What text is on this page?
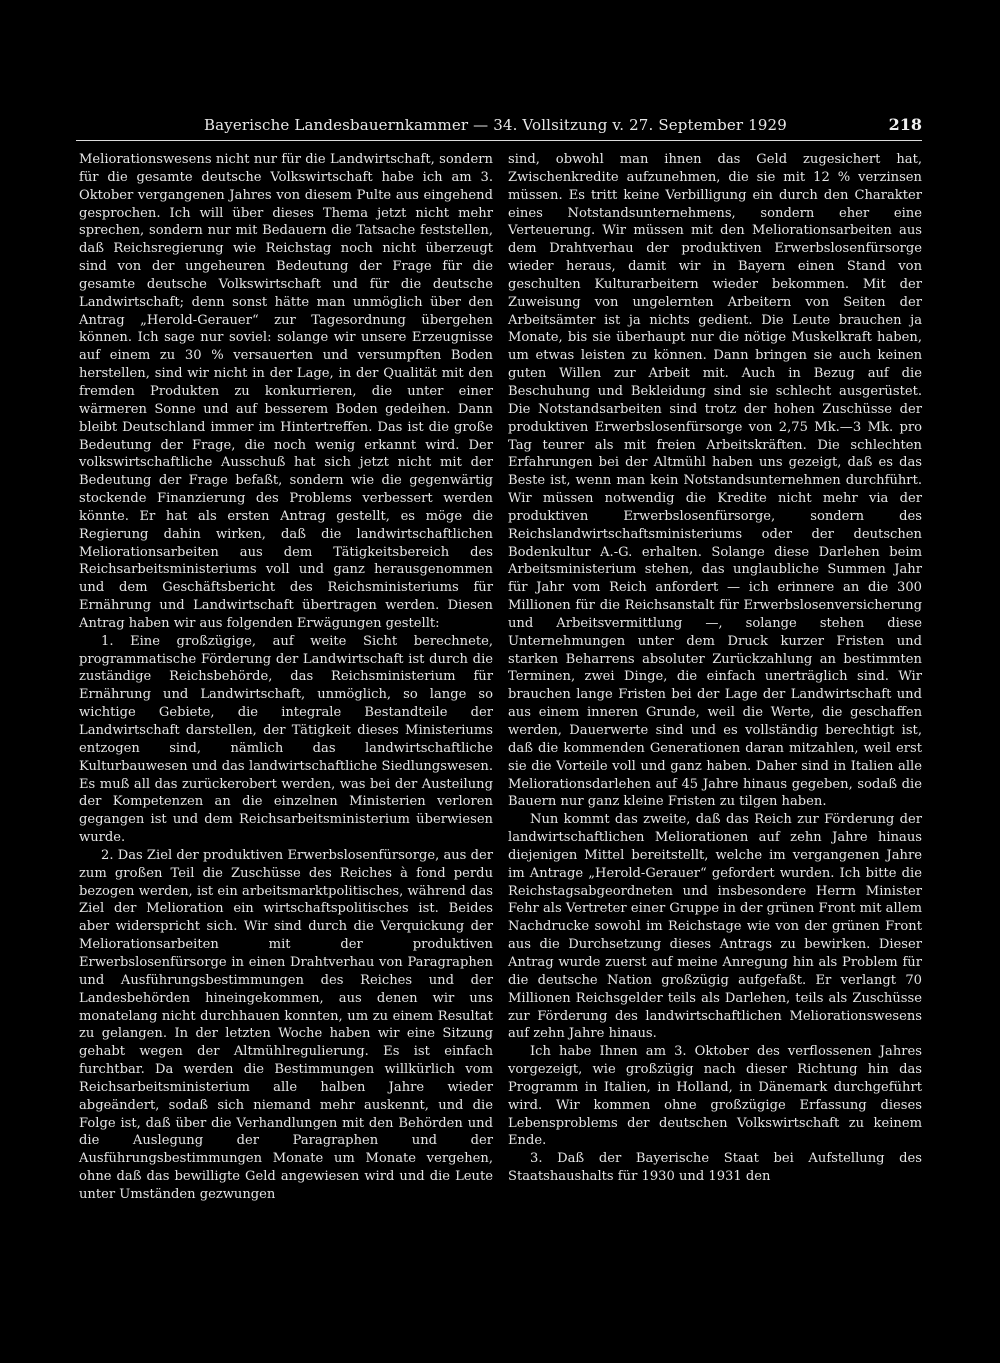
Bayerische Landesbauernkammer — 34. Vollsitzung v. 27. September 1929	218

Meliorationswesens nicht nur für die Landwirtschaft, sondern für die gesamte deutsche Volkswirtschaft habe ich am 3. Oktober vergangenen Jahres von diesem Pulte aus eingehend gesprochen. Ich will über dieses Thema jetzt nicht mehr sprechen, sondern nur mit Bedauern die Tatsache feststellen, daß Reichsregierung wie Reichstag noch nicht überzeugt sind von der ungeheuren Bedeutung der Frage für die gesamte deutsche Volkswirtschaft und für die deutsche Landwirtschaft; denn sonst hätte man unmöglich über den Antrag „Herold-Gerauer“ zur Tagesordnung übergehen können. Ich sage nur soviel: solange wir unsere Erzeugnisse auf einem zu 30 % versauerten und versumpften Boden herstellen, sind wir nicht in der Lage, in der Qualität mit den fremden Produkten zu konkurrieren, die unter einer wärmeren Sonne und auf besserem Boden gedeihen. Dann bleibt Deutschland immer im Hintertreffen. Das ist die große Bedeutung der Frage, die noch wenig erkannt wird. Der volkswirtschaftliche Ausschuß hat sich jetzt nicht mit der Bedeutung der Frage befaßt, sondern wie die gegenwärtig stockende Finanzierung des Problems verbessert werden könnte. Er hat als ersten Antrag gestellt, es möge die Regierung dahin wirken, daß die landwirtschaftlichen Meliorationsarbeiten aus dem Tätigkeitsbereich des Reichsarbeitsministeriums voll und ganz herausgenommen und dem Geschäftsbericht des Reichsministeriums für Ernährung und Landwirtschaft übertragen werden. Diesen Antrag haben wir aus folgenden Erwägungen gestellt:

1. Eine großzügige, auf weite Sicht berechnete, programmatische Förderung der Landwirtschaft ist durch die zuständige Reichsbehörde, das Reichsministerium für Ernährung und Landwirtschaft, unmöglich, so lange so wichtige Gebiete, die integrale Bestandteile der Landwirtschaft darstellen, der Tätigkeit dieses Ministeriums entzogen sind, nämlich das landwirtschaftliche Kulturbauwesen und das landwirtschaftliche Siedlungswesen. Es muß all das zurückerobert werden, was bei der Austeilung der Kompetenzen an die einzelnen Ministerien verloren gegangen ist und dem Reichsarbeitsministerium überwiesen wurde.

2. Das Ziel der produktiven Erwerbslosenfürsorge, aus der zum großen Teil die Zuschüsse des Reiches à fond perdu bezogen werden, ist ein arbeitsmarktpolitisches, während das Ziel der Melioration ein wirtschaftspolitisches ist. Beides aber widerspricht sich. Wir sind durch die Verquickung der Meliorationsarbeiten mit der produktiven Erwerbslosenfürsorge in einen Drahtverhau von Paragraphen und Ausführungsbestimmungen des Reiches und der Landesbehörden hineingekommen, aus denen wir uns monatelang nicht durchhauen konnten, um zu einem Resultat zu gelangen. In der letzten Woche haben wir eine Sitzung gehabt wegen der Altmühlregulierung. Es ist einfach furchtbar. Da werden die Bestimmungen willkürlich vom Reichsarbeitsministerium alle halben Jahre wieder abgeändert, sodaß sich niemand mehr auskennt, und die Folge ist, daß über die Verhandlungen mit den Behörden und die Auslegung der Paragraphen und der Ausführungsbestimmungen Monate um Monate vergehen, ohne daß das bewilligte Geld angewiesen wird und die Leute unter Umständen gezwungen

sind, obwohl man ihnen das Geld zugesichert hat, Zwischenkredite aufzunehmen, die sie mit 12 % verzinsen müssen. Es tritt keine Verbilligung ein durch den Charakter eines Notstandsunternehmens, sondern eher eine Verteuerung. Wir müssen mit den Meliorationsarbeiten aus dem Drahtverhau der produktiven Erwerbslosenfürsorge wieder heraus, damit wir in Bayern einen Stand von geschulten Kulturarbeitern wieder bekommen. Mit der Zuweisung von ungelernten Arbeitern von Seiten der Arbeitsämter ist ja nichts gedient. Die Leute brauchen ja Monate, bis sie überhaupt nur die nötige Muskelkraft haben, um etwas leisten zu können. Dann bringen sie auch keinen guten Willen zur Arbeit mit. Auch in Bezug auf die Beschuhung und Bekleidung sind sie schlecht ausgerüstet. Die Notstandsarbeiten sind trotz der hohen Zuschüsse der produktiven Erwerbslosenfürsorge von 2,75 Mk.—3 Mk. pro Tag teurer als mit freien Arbeitskräften. Die schlechten Erfahrungen bei der Altmühl haben uns gezeigt, daß es das Beste ist, wenn man kein Notstandsunternehmen durchführt. Wir müssen notwendig die Kredite nicht mehr via der produktiven Erwerbslosenfürsorge, sondern des Reichslandwirtschaftsministeriums oder der deutschen Bodenkultur A.-G. erhalten. Solange diese Darlehen beim Arbeitsministerium stehen, das unglaubliche Summen Jahr für Jahr vom Reich anfordert — ich erinnere an die 300 Millionen für die Reichsanstalt für Erwerbslosenversicherung und Arbeitsvermittlung —, solange stehen diese Unternehmungen unter dem Druck kurzer Fristen und starken Beharrens absoluter Zurückzahlung an bestimmten Terminen, zwei Dinge, die einfach unerträglich sind. Wir brauchen lange Fristen bei der Lage der Landwirtschaft und aus einem inneren Grunde, weil die Werte, die geschaffen werden, Dauerwerte sind und es vollständig berechtigt ist, daß die kommenden Generationen daran mitzahlen, weil erst sie die Vorteile voll und ganz haben. Daher sind in Italien alle Meliorationsdarlehen auf 45 Jahre hinaus gegeben, sodaß die Bauern nur ganz kleine Fristen zu tilgen haben.

Nun kommt das zweite, daß das Reich zur Förderung der landwirtschaftlichen Meliorationen auf zehn Jahre hinaus diejenigen Mittel bereitstellt, welche im vergangenen Jahre im Antrage „Herold-Gerauer“ gefordert wurden. Ich bitte die Reichstagsabgeordneten und insbesondere Herrn Minister Fehr als Vertreter einer Gruppe in der grünen Front mit allem Nachdrucke sowohl im Reichstage wie von der grünen Front aus die Durchsetzung dieses Antrags zu bewirken. Dieser Antrag wurde zuerst auf meine Anregung hin als Problem für die deutsche Nation großzügig aufgefaßt. Er verlangt 70 Millionen Reichsgelder teils als Darlehen, teils als Zuschüsse zur Förderung des landwirtschaftlichen Meliorationswesens auf zehn Jahre hinaus.

Ich habe Ihnen am 3. Oktober des verflossenen Jahres vorgezeigt, wie großzügig nach dieser Richtung hin das Programm in Italien, in Holland, in Dänemark durchgeführt wird. Wir kommen ohne großzügige Erfassung dieses Lebensproblems der deutschen Volkswirtschaft zu keinem Ende.

3. Daß der Bayerische Staat bei Aufstellung des Staatshaushalts für 1930 und 1931 den
